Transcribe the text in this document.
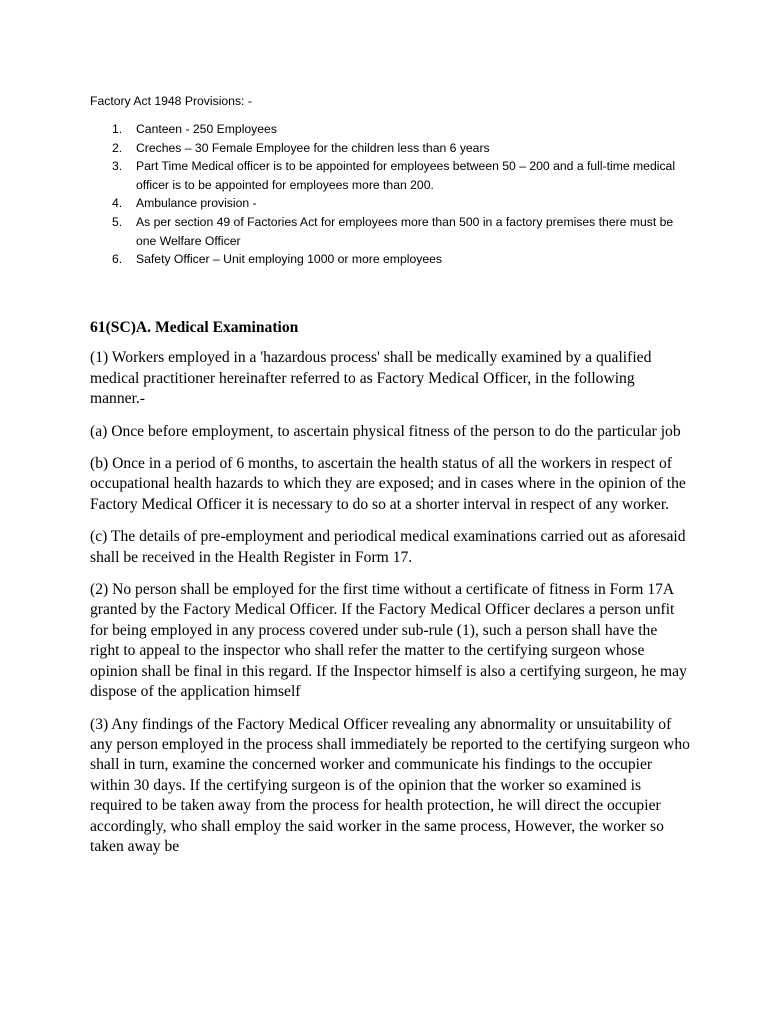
Factory Act 1948 Provisions: -
1. Canteen - 250 Employees
2. Creches – 30 Female Employee for the children less than 6 years
3. Part Time Medical officer is to be appointed for employees between 50 – 200 and a full-time medical officer is to be appointed for employees more than 200.
4. Ambulance provision -
5. As per section 49 of Factories Act for employees more than 500 in a factory premises there must be one Welfare Officer
6. Safety Officer – Unit employing 1000 or more employees
61(SC)A. Medical Examination

(1) Workers employed in a 'hazardous process' shall be medically examined by a qualified medical practitioner hereinafter referred to as Factory Medical Officer, in the following manner.-

(a) Once before employment, to ascertain physical fitness of the person to do the particular job

(b) Once in a period of 6 months, to ascertain the health status of all the workers in respect of occupational health hazards to which they are exposed; and in cases where in the opinion of the Factory Medical Officer it is necessary to do so at a shorter interval in respect of any worker.

(c) The details of pre-employment and periodical medical examinations carried out as aforesaid shall be received in the Health Register in Form 17.

(2) No person shall be employed for the first time without a certificate of fitness in Form 17A granted by the Factory Medical Officer. If the Factory Medical Officer declares a person unfit for being employed in any process covered under sub-rule (1), such a person shall have the right to appeal to the inspector who shall refer the matter to the certifying surgeon whose opinion shall be final in this regard. If the Inspector himself is also a certifying surgeon, he may dispose of the application himself

(3) Any findings of the Factory Medical Officer revealing any abnormality or unsuitability of any person employed in the process shall immediately be reported to the certifying surgeon who shall in turn, examine the concerned worker and communicate his findings to the occupier within 30 days. If the certifying surgeon is of the opinion that the worker so examined is required to be taken away from the process for health protection, he will direct the occupier accordingly, who shall employ the said worker in the same process, However, the worker so taken away be
